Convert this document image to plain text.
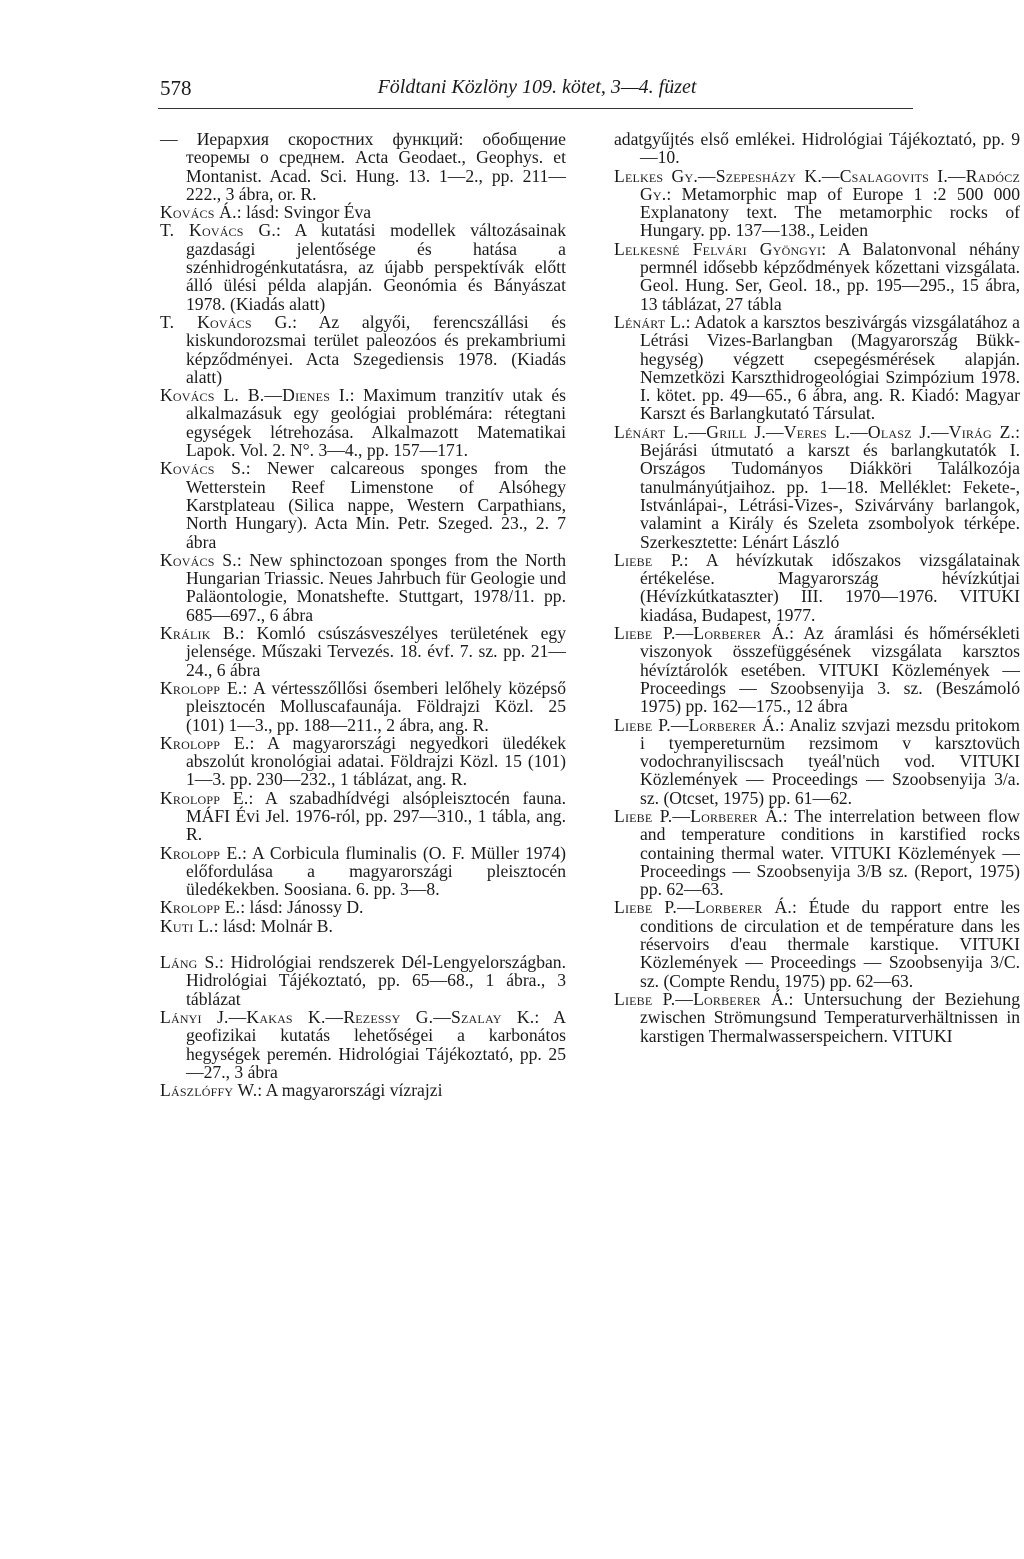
578	Földtani Közlöny 109. kötet, 3—4. füzet

— Иерархия скоростних функций: обобщение теоремы о среднем. Acta Geodaet., Geophys. et Montanist. Acad. Sci. Hung. 13. 1—2., pp. 211—222., 3 ábra, or. R.

Kovács Á.: lásd: Svingor Éva

T. Kovács G.: A kutatási modellek változásainak gazdasági jelentősége és hatása a szénhidrogénkutatásra, az újabb perspektívák előtt álló ülési példa alapján. Geonómia és Bányászat 1978. (Kiadás alatt)

T. Kovács G.: Az algyői, ferencszállási és kiskundorozsmai terület paleozóos és prekambriumi képződményei. Acta Szegediensis 1978. (Kiadás alatt)

Kovács L. B.—Dienes I.: Maximum tranzitív utak és alkalmazásuk egy geológiai problémára: rétegtani egységek létrehozása. Alkalmazott Matematikai Lapok. Vol. 2. N°. 3—4., pp. 157—171.

Kovács S.: Newer calcareous sponges from the Wetterstein Reef Limenstone of Alsóhegy Karstplateau (Silica nappe, Western Carpathians, North Hungary). Acta Min. Petr. Szeged. 23., 2. 7 ábra

Kovács S.: New sphinctozoan sponges from the North Hungarian Triassic. Neues Jahrbuch für Geologie und Paläontologie, Monatshefte. Stuttgart, 1978/11. pp. 685—697., 6 ábra

Králik B.: Komló csúszásveszélyes területének egy jelensége. Műszaki Tervezés. 18. évf. 7. sz. pp. 21—24., 6 ábra

Krolopp E.: A vértesszőllősi ősemberi lelőhely középső pleisztocén Molluscafaunája. Földrajzi Közl. 25 (101) 1—3., pp. 188—211., 2 ábra, ang. R.

Krolopp E.: A magyarországi negyedkori üledékek abszolút kronológiai adatai. Földrajzi Közl. 15 (101) 1—3. pp. 230—232., 1 táblázat, ang. R.

Krolopp E.: A szabadhídvégi alsópleisztocén fauna. MÁFI Évi Jel. 1976-ról, pp. 297—310., 1 tábla, ang. R.

Krolopp E.: A Corbicula fluminalis (O. F. Müller 1974) előfordulása a magyarországi pleisztocén üledékekben. Soosiana. 6. pp. 3—8.

Krolopp E.: lásd: Jánossy D.

Kuti L.: lásd: Molnár B.

Láng S.: Hidrológiai rendszerek Dél-Lengyelországban. Hidrológiai Tájékoztató, pp. 65—68., 1 ábra., 3 táblázat

Lányi J.—Kakas K.—Rezessy G.—Szalay K.: A geofizikai kutatás lehetőségei a karbonátos hegységek peremén. Hidrológiai Tájékoztató, pp. 25—27., 3 ábra

Lászlóffy W.: A magyarországi vízrajzi

adatgyűjtés első emlékei. Hidrológiai Tájékoztató, pp. 9—10.

Lelkes Gy.—Szepesházy K.—Csalagovits I.—Radócz Gy.: Metamorphic map of Europe 1 :2 500 000 Explanatony text. The metamorphic rocks of Hungary. pp. 137—138., Leiden

Lelkesné Felvári Gyöngyi: A Balatonvonal néhány permnél idősebb képződmények kőzettani vizsgálata. Geol. Hung. Ser, Geol. 18., pp. 195—295., 15 ábra, 13 táblázat, 27 tábla

Lénárt L.: Adatok a karsztos beszivárgás vizsgálatához a Létrási Vizes-Barlangban (Magyarország Bükk-hegység) végzett csepegésmérések alapján. Nemzetközi Karszthidrogeológiai Szimpózium 1978. I. kötet. pp. 49—65., 6 ábra, ang. R. Kiadó: Magyar Karszt és Barlangkutató Társulat.

Lénárt L.—Grill J.—Veres L.—Olasz J.—Virág Z.: Bejárási útmutató a karszt és barlangkutatók I. Országos Tudományos Diákköri Találkozója tanulmányútjaihoz. pp. 1—18. Melléklet: Fekete-, Istvánlápai-, Létrási-Vizes-, Szivárvány barlangok, valamint a Király és Szeleta zsombolyok térképe. Szerkesztette: Lénárt László

Liebe P.: A hévízkutak időszakos vizsgálatainak értékelése. Magyarország hévízkútjai (Hévízkútkataszter) III. 1970—1976. VITUKI kiadása, Budapest, 1977.

Liebe P.—Lorberer Á.: Az áramlási és hőmérsékleti viszonyok összefüggésének vizsgálata karsztos hévíztárolók esetében. VITUKI Közlemények — Proceedings — Szoobsenyija 3. sz. (Beszámoló 1975) pp. 162—175., 12 ábra

Liebe P.—Lorberer Á.: Analiz szvjazi mezsdu pritokom i tyempereturnüm rezsimom v karsztovüch vodochranyiliscsach tyeál'nüch vod. VITUKI Közlemények — Proceedings — Szoobsenyija 3/a. sz. (Otcset, 1975) pp. 61—62.

Liebe P.—Lorberer Á.: The interrelation between flow and temperature conditions in karstified rocks containing thermal water. VITUKI Közlemények — Proceedings — Szoobsenyija 3/B sz. (Report, 1975) pp. 62—63.

Liebe P.—Lorberer Á.: Étude du rapport entre les conditions de circulation et de température dans les réservoirs d'eau thermale karstique. VITUKI Közlemények — Proceedings — Szoobsenyija 3/C. sz. (Compte Rendu, 1975) pp. 62—63.

Liebe P.—Lorberer Á.: Untersuchung der Beziehung zwischen Strömungsund Temperaturverhältnissen in karstigen Thermalwasserspeichern. VITUKI
